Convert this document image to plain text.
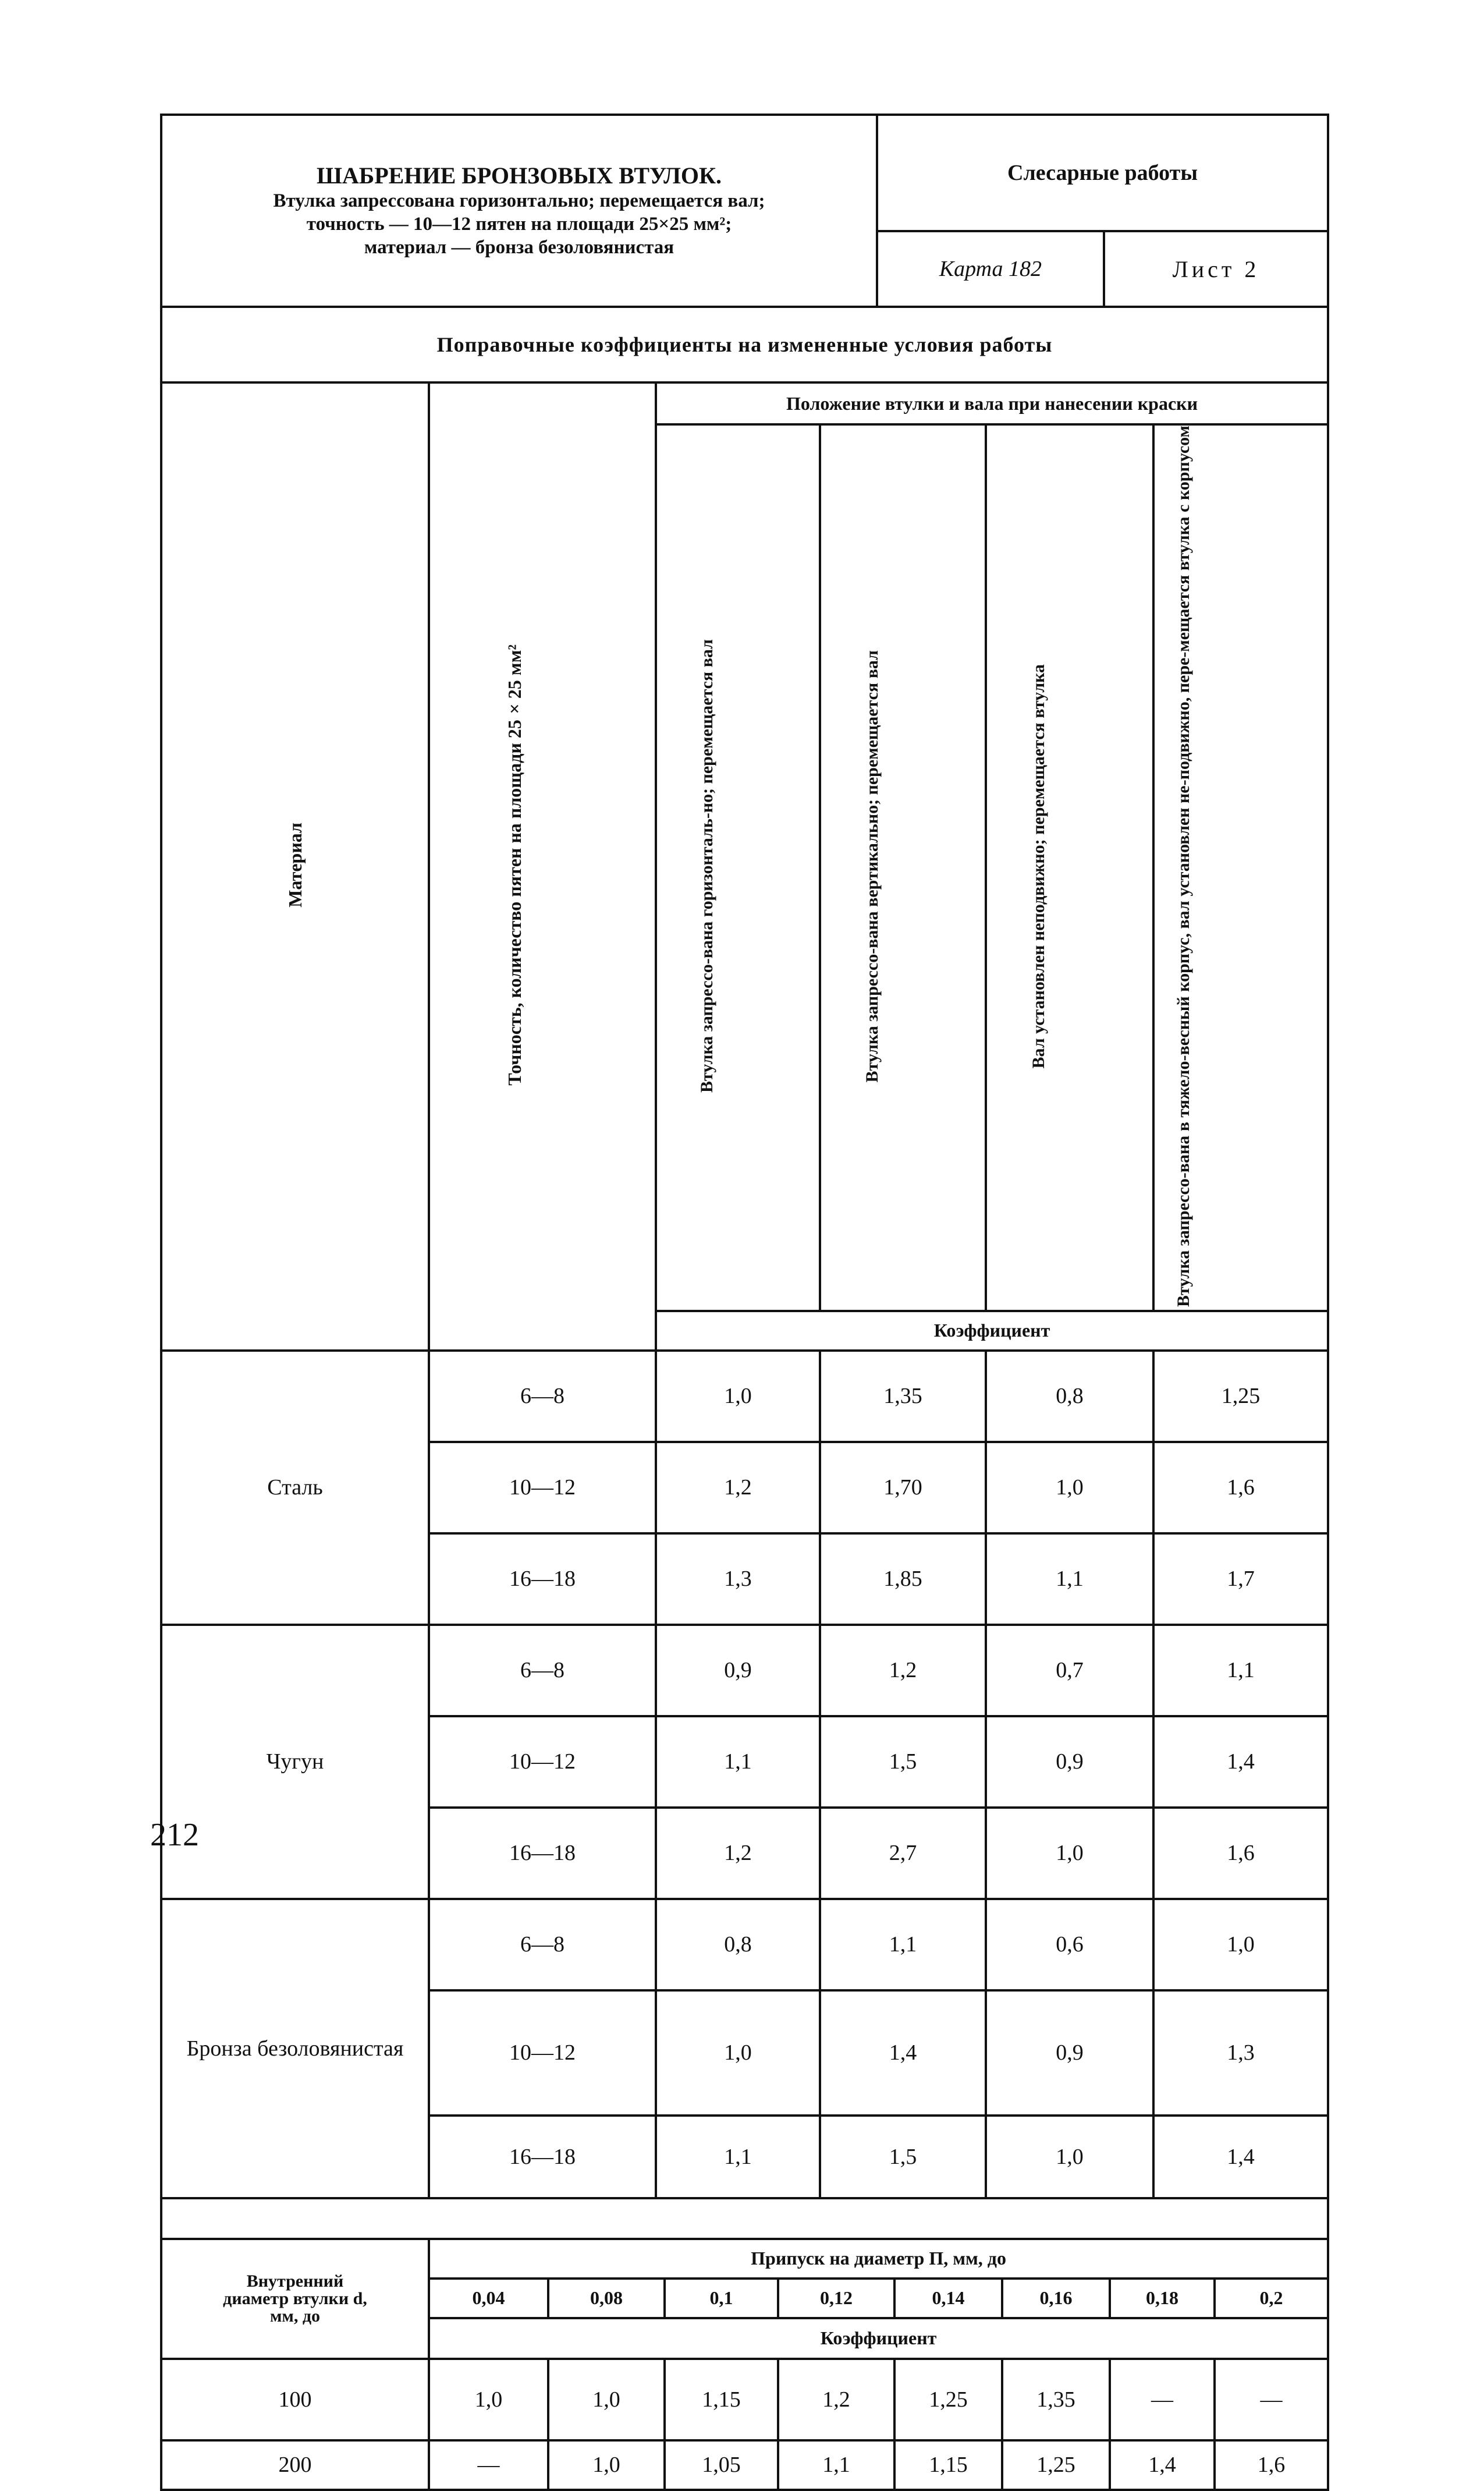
ШАБРЕНИЕ БРОНЗОВЫХ ВТУЛОК.
Втулка запрессована горизонтально; перемещается вал;
точность — 10—12 пятен на площади 25×25 мм²;
материал — бронза безоловянистая	Слесарные работы	
	Карта 182	Лист 2
Поправочные коэффициенты на измененные условия работы		
Материал	Точность, количество пятен на площади 25×25 мм²	Положение втулки и вала при нанесении краски			
		Втулка запрессо-вана горизонталь-но; перемещается вал	Втулка запрессо-вана вертикально; перемещается вал	Вал установлен неподвижно; перемещается втулка	Втулка запрессо-вана в тяжело-весный корпус, вал установлен не-подвижно, пере-мещается втулка с корпусом
		Коэффициент			
Сталь	6—8	1,0	1,35	0,8	1,25
	10—12	1,2	1,70	1,0	1,6
	16—18	1,3	1,85	1,1	1,7
Чугун	6—8	0,9	1,2	0,7	1,1
	10—12	1,1	1,5	0,9	1,4
	16—18	1,2	2,7	1,0	1,6
Бронза безоловянистая	6—8	0,8	1,1	0,6	1,0
	10—12	1,0	1,4	0,9	1,3
	16—18	1,1	1,5	1,0	1,4

Внутренний диаметр втулки d, мм, до	Припуск на диаметр П, мм, до							
	0,04	0,08	0,1	0,12	0,14	0,16	0,18	0,2
	Коэффициент							
100	1,0	1,0	1,15	1,2	1,25	1,35	—	—
200	—	1,0	1,05	1,1	1,15	1,25	1,4	1,6
212
